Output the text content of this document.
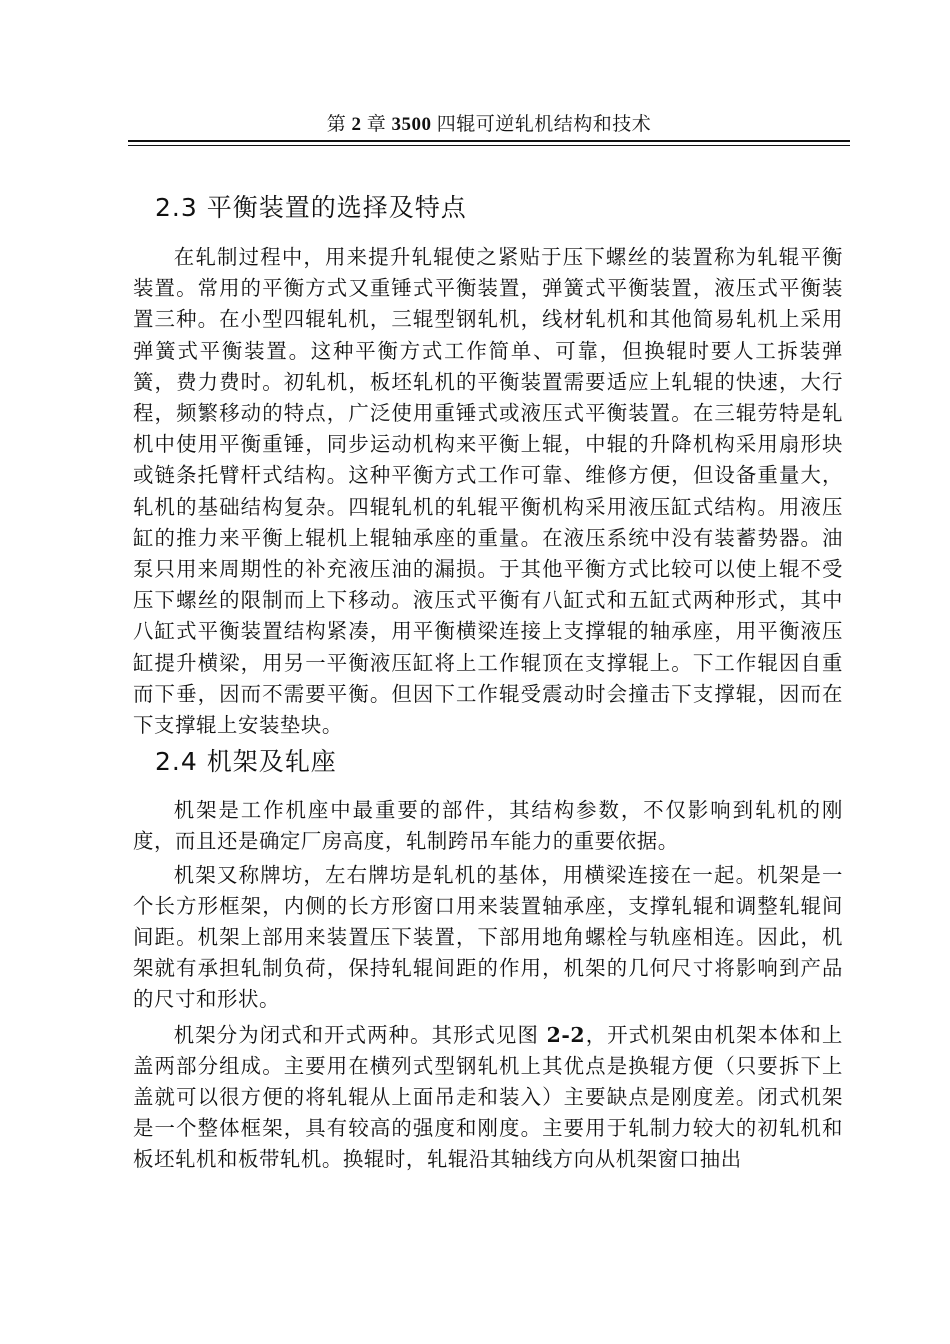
第 2 章 3500 四辊可逆轧机结构和技术
2.3 平衡装置的选择及特点

在轧制过程中，用来提升轧辊使之紧贴于压下螺丝的装置称为轧辊平衡装置。常用的平衡方式又重锤式平衡装置，弹簧式平衡装置，液压式平衡装置三种。在小型四辊轧机，三辊型钢轧机，线材轧机和其他简易轧机上采用弹簧式平衡装置。这种平衡方式工作简单、可靠，但换辊时要人工拆装弹簧，费力费时。初轧机，板坯轧机的平衡装置需要适应上轧辊的快速，大行程，频繁移动的特点，广泛使用重锤式或液压式平衡装置。在三辊劳特是轧机中使用平衡重锤，同步运动机构来平衡上辊，中辊的升降机构采用扇形块或链条托臂杆式结构。这种平衡方式工作可靠、维修方便，但设备重量大，轧机的基础结构复杂。四辊轧机的轧辊平衡机构采用液压缸式结构。用液压缸的推力来平衡上辊机上辊轴承座的重量。在液压系统中没有装蓄势器。油泵只用来周期性的补充液压油的漏损。于其他平衡方式比较可以使上辊不受压下螺丝的限制而上下移动。液压式平衡有八缸式和五缸式两种形式，其中八缸式平衡装置结构紧凑，用平衡横梁连接上支撑辊的轴承座，用平衡液压缸提升横梁，用另一平衡液压缸将上工作辊顶在支撑辊上。下工作辊因自重而下垂，因而不需要平衡。但因下工作辊受震动时会撞击下支撑辊，因而在下支撑辊上安装垫块。

2.4 机架及轧座

机架是工作机座中最重要的部件，其结构参数，不仅影响到轧机的刚度，而且还是确定厂房高度，轧制跨吊车能力的重要依据。

机架又称牌坊，左右牌坊是轧机的基体，用横梁连接在一起。机架是一个长方形框架，内侧的长方形窗口用来装置轴承座，支撑轧辊和调整轧辊间间距。机架上部用来装置压下装置，下部用地角螺栓与轨座相连。因此，机架就有承担轧制负荷，保持轧辊间距的作用，机架的几何尺寸将影响到产品的尺寸和形状。

机架分为闭式和开式两种。其形式见图 2-2，开式机架由机架本体和上盖两部分组成。主要用在横列式型钢轧机上其优点是换辊方便（只要拆下上盖就可以很方便的将轧辊从上面吊走和装入）主要缺点是刚度差。闭式机架是一个整体框架，具有较高的强度和刚度。主要用于轧制力较大的初轧机和板坯轧机和板带轧机。换辊时，轧辊沿其轴线方向从机架窗口抽出
